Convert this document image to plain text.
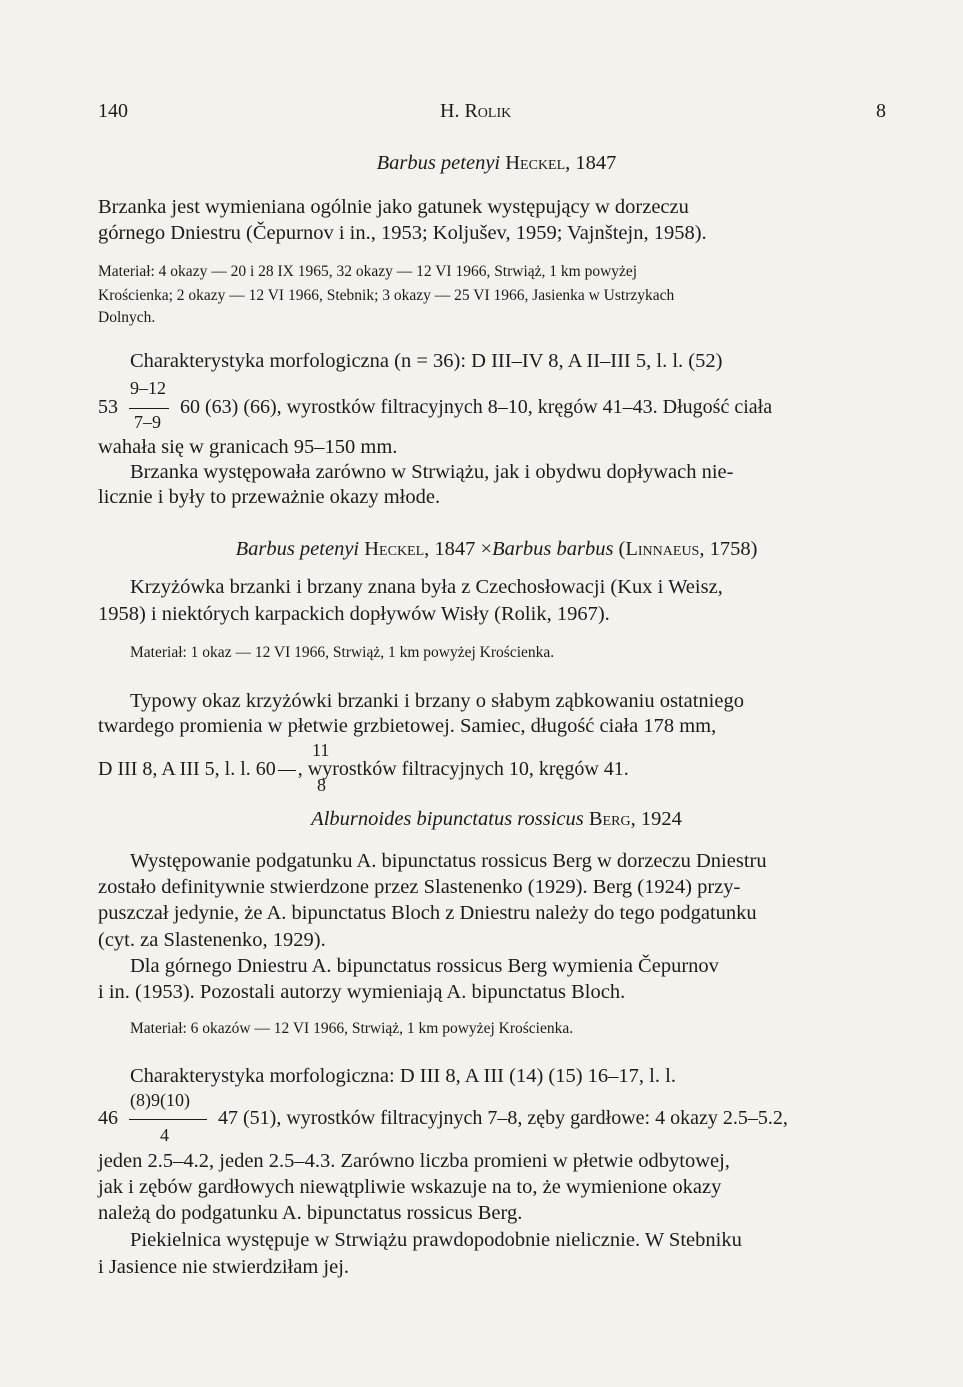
140	H. Rolik	8
Barbus petenyi Heckel, 1847
Brzanka jest wymieniana ogólnie jako gatunek występujący w dorzeczu
górnego Dniestru (Čepurnov i in., 1953; Koljušev, 1959; Vajnštejn, 1958).
Materiał: 4 okazy — 20 i 28 IX 1965, 32 okazy — 12 VI 1966, Strwiąż, 1 km powyżej
Krościenka; 2 okazy — 12 VI 1966, Stebnik; 3 okazy — 25 VI 1966, Jasienka w Ustrzykach
Dolnych.
Charakterystyka morfologiczna (n = 36): D III–IV 8, A II–III 5, l. l. (52)
9–12
53	60 (63) (66), wyrostków filtracyjnych 8–10, kręgów 41–43. Długość ciała
7–9
wahała się w granicach 95–150 mm.
Brzanka występowała zarówno w Strwiążu, jak i obydwu dopływach nie-
licznie i były to przeważnie okazy młode.
Barbus petenyi Heckel, 1847 ×Barbus barbus (Linnaeus, 1758)
Krzyżówka brzanki i brzany znana była z Czechosłowacji (Kux i Weisz,
1958) i niektórych karpackich dopływów Wisły (Rolik, 1967).
Materiał: 1 okaz — 12 VI 1966, Strwiąż, 1 km powyżej Krościenka.
Typowy okaz krzyżówki brzanki i brzany o słabym ząbkowaniu ostatniego
twardego promienia w płetwie grzbietowej. Samiec, długość ciała 178 mm,
11
D III 8, A III 5, l. l. 60 , wyrostków filtracyjnych 10, kręgów 41.
8
Alburnoides bipunctatus rossicus Berg, 1924
Występowanie podgatunku A. bipunctatus rossicus Berg w dorzeczu Dniestru
zostało definitywnie stwierdzone przez Slastenenko (1929). Berg (1924) przy-
puszczał jedynie, że A. bipunctatus Bloch z Dniestru należy do tego podgatunku
(cyt. za Slastenenko, 1929).
Dla górnego Dniestru A. bipunctatus rossicus Berg wymienia Čepurnov
i in. (1953). Pozostali autorzy wymieniają A. bipunctatus Bloch.
Materiał: 6 okazów — 12 VI 1966, Strwiąż, 1 km powyżej Krościenka.
Charakterystyka morfologiczna: D III 8, A III (14) (15) 16–17, l. l.
(8)9(10)
46	47 (51), wyrostków filtracyjnych 7–8, zęby gardłowe: 4 okazy 2.5–5.2,
4
jeden 2.5–4.2, jeden 2.5–4.3. Zarówno liczba promieni w płetwie odbytowej,
jak i zębów gardłowych niewątpliwie wskazuje na to, że wymienione okazy
należą do podgatunku A. bipunctatus rossicus Berg.
Piekielnica występuje w Strwiążu prawdopodobnie nielicznie. W Stebniku
i Jasience nie stwierdziłam jej.
